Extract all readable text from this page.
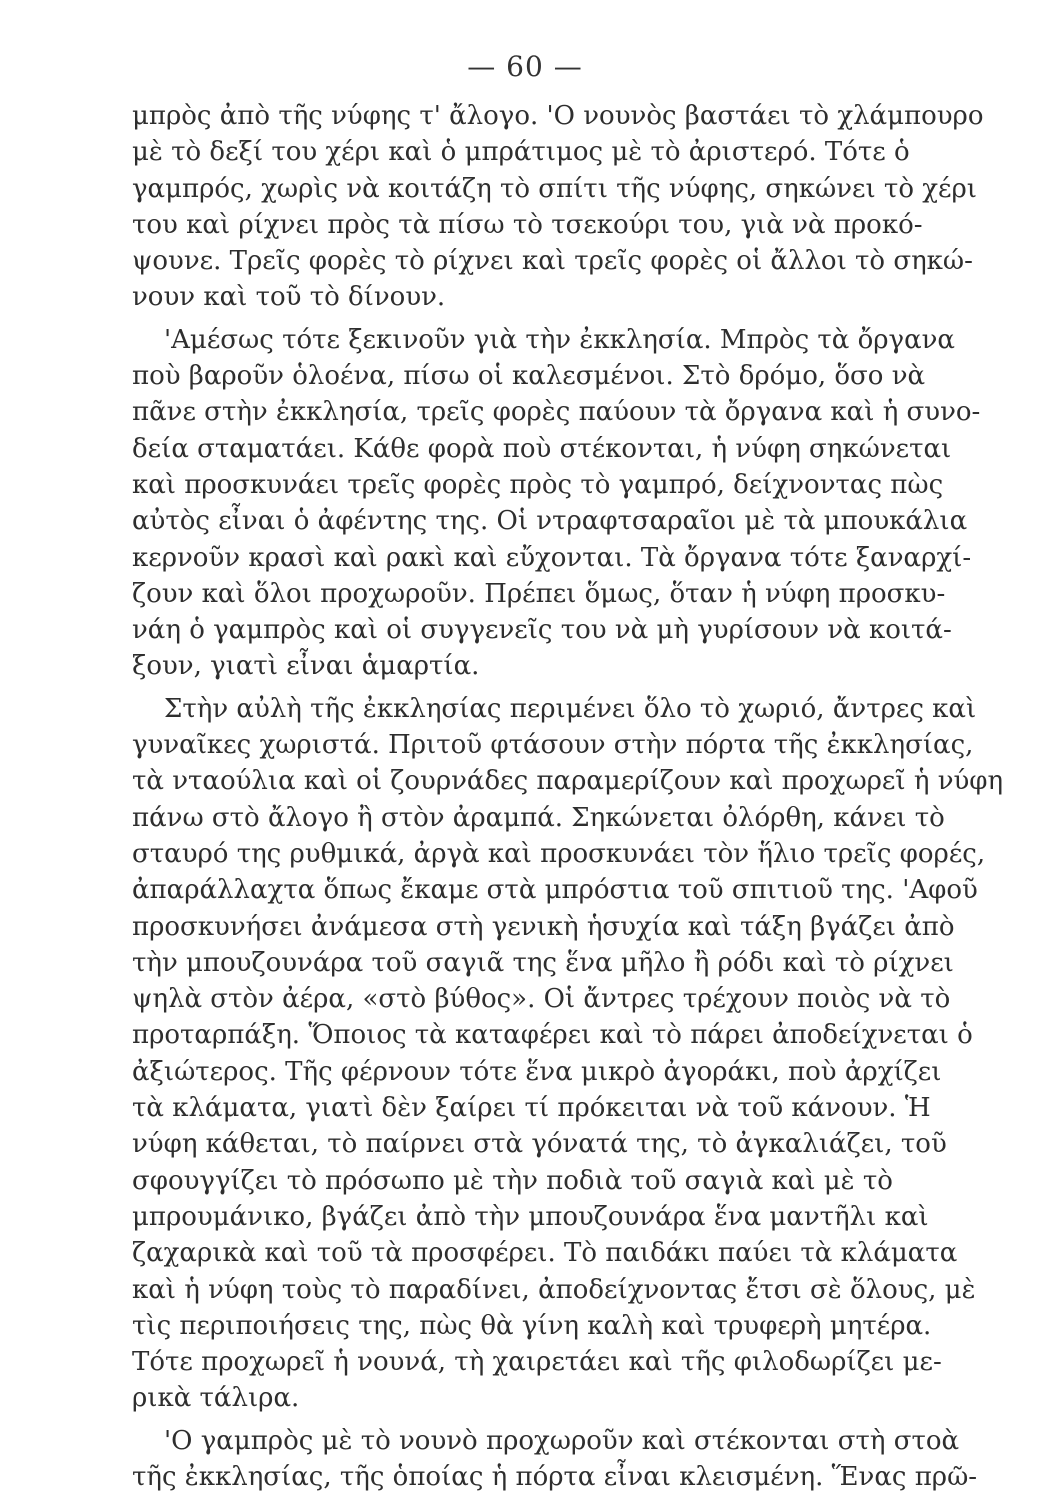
— 60 —
μπρὸς ἀπὸ τῆς νύφης τ' ἄλογο. 'Ο νουνὸς βαστάει τὸ χλάμπουρο
μὲ τὸ δεξί του χέρι καὶ ὁ μπράτιμος μὲ τὸ ἀριστερό. Τότε ὁ
γαμπρός, χωρὶς νὰ κοιτάζη τὸ σπίτι τῆς νύφης, σηκώνει τὸ χέρι
του καὶ ρίχνει πρὸς τὰ πίσω τὸ τσεκούρι του, γιὰ νὰ προκό-
ψουνε. Τρεῖς φορὲς τὸ ρίχνει καὶ τρεῖς φορὲς οἱ ἄλλοι τὸ σηκώ-
νουν καὶ τοῦ τὸ δίνουν.
'Αμέσως τότε ξεκινοῦν γιὰ τὴν ἐκκλησία. Μπρὸς τὰ ὄργανα
ποὺ βαροῦν ὁλοένα, πίσω οἱ καλεσμένοι. Στὸ δρόμο, ὅσο νὰ
πᾶνε στὴν ἐκκλησία, τρεῖς φορὲς παύουν τὰ ὄργανα καὶ ἡ συνο-
δεία σταματάει. Κάθε φορὰ ποὺ στέκονται, ἡ νύφη σηκώνεται
καὶ προσκυνάει τρεῖς φορὲς πρὸς τὸ γαμπρό, δείχνοντας πὼς
αὐτὸς εἶναι ὁ ἀφέντης της. Οἱ ντραφτσαραῖοι μὲ τὰ μπουκάλια
κερνοῦν κρασὶ καὶ ρακὶ καὶ εὔχονται. Τὰ ὄργανα τότε ξαναρχί-
ζουν καὶ ὅλοι προχωροῦν. Πρέπει ὅμως, ὅταν ἡ νύφη προσκυ-
νάη ὁ γαμπρὸς καὶ οἱ συγγενεῖς του νὰ μὴ γυρίσουν νὰ κοιτά-
ξουν, γιατὶ εἶναι ἁμαρτία.
Στὴν αὐλὴ τῆς ἐκκλησίας περιμένει ὅλο τὸ χωριό, ἄντρες καὶ
γυναῖκες χωριστά. Πριτοῦ φτάσουν στὴν πόρτα τῆς ἐκκλησίας,
τὰ νταούλια καὶ οἱ ζουρνάδες παραμερίζουν καὶ προχωρεῖ ἡ νύφη
πάνω στὸ ἄλογο ἢ στὸν ἀραμπά. Σηκώνεται ὀλόρθη, κάνει τὸ
σταυρό της ρυθμικά, ἀργὰ καὶ προσκυνάει τὸν ἥλιο τρεῖς φορές,
ἀπαράλλαχτα ὅπως ἔκαμε στὰ μπρόστια τοῦ σπιτιοῦ της. 'Αφοῦ
προσκυνήσει ἀνάμεσα στὴ γενικὴ ἡσυχία καὶ τάξη βγάζει ἀπὸ
τὴν μπουζουνάρα τοῦ σαγιᾶ της ἕνα μῆλο ἢ ρόδι καὶ τὸ ρίχνει
ψηλὰ στὸν ἀέρα, «στὸ βύθος». Οἱ ἄντρες τρέχουν ποιὸς νὰ τὸ
προταρπάξη. Ὅποιος τὰ καταφέρει καὶ τὸ πάρει ἀποδείχνεται ὁ
ἀξιώτερος. Τῆς φέρνουν τότε ἕνα μικρὸ ἀγοράκι, ποὺ ἀρχίζει
τὰ κλάματα, γιατὶ δὲν ξαίρει τί πρόκειται νὰ τοῦ κάνουν. Ἡ
νύφη κάθεται, τὸ παίρνει στὰ γόνατά της, τὸ ἀγκαλιάζει, τοῦ
σφουγγίζει τὸ πρόσωπο μὲ τὴν ποδιὰ τοῦ σαγιὰ καὶ μὲ τὸ
μπρουμάνικο, βγάζει ἀπὸ τὴν μπουζουνάρα ἕνα μαντῆλι καὶ
ζαχαρικὰ καὶ τοῦ τὰ προσφέρει. Τὸ παιδάκι παύει τὰ κλάματα
καὶ ἡ νύφη τοὺς τὸ παραδίνει, ἀποδείχνοντας ἔτσι σὲ ὅλους, μὲ
τὶς περιποιήσεις της, πὼς θὰ γίνη καλὴ καὶ τρυφερὴ μητέρα.
Τότε προχωρεῖ ἡ νουνά, τὴ χαιρετάει καὶ τῆς φιλοδωρίζει με-
ρικὰ τάλιρα.
'Ο γαμπρὸς μὲ τὸ νουνὸ προχωροῦν καὶ στέκονται στὴ στοὰ
τῆς ἐκκλησίας, τῆς ὁποίας ἡ πόρτα εἶναι κλεισμένη. Ἕνας πρῶ-
